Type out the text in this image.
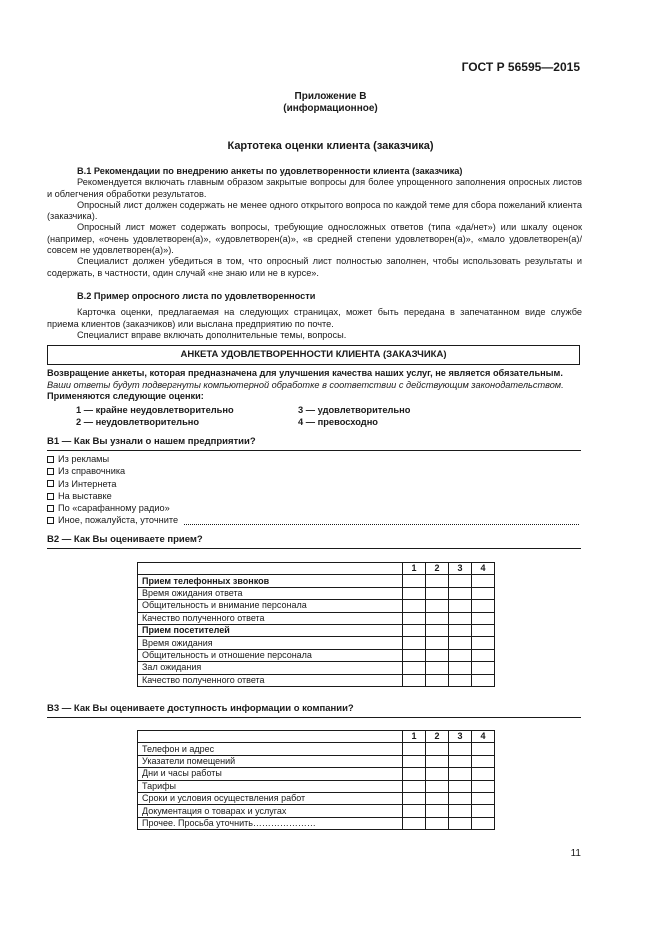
ГОСТ Р 56595—2015
Приложение В
(информационное)
Картотека оценки клиента (заказчика)
В.1 Рекомендации по внедрению анкеты по удовлетворенности клиента (заказчика)

Рекомендуется включать главным образом закрытые вопросы для более упрощенного заполнения опросных листов и облегчения обработки результатов.

Опросный лист должен содержать не менее одного открытого вопроса по каждой теме для сбора пожеланий клиента (заказчика).

Опросный лист может содержать вопросы, требующие односложных ответов (типа «да/нет») или шкалу оценок (например, «очень удовлетворен(а)», «удовлетворен(а)», «в средней степени удовлетворен(а)», «мало удовлетворен(а)/совсем не удовлетворен(а)»).

Специалист должен убедиться в том, что опросный лист полностью заполнен, чтобы использовать результаты и содержать, в частности, один случай «не знаю или не в курсе».

В.2 Пример опросного листа по удовлетворенности

Карточка оценки, предлагаемая на следующих страницах, может быть передана в запечатанном виде службе приема клиентов (заказчиков) или выслана предприятию по почте.

Специалист вправе включать дополнительные темы, вопросы.

АНКЕТА УДОВЛЕТВОРЕННОСТИ КЛИЕНТА (ЗАКАЗЧИКА)
Возвращение анкеты, которая предназначена для улучшения качества наших услуг, не является обязательным.
Ваши ответы будут подвергнуты компьютерной обработке в соответствии с действующим законодательством.
Применяются следующие оценки:
1 — крайне неудовлетворительно
2 — неудовлетворительно
3 — удовлетворительно
4 — превосходно
В1 — Как Вы узнали о нашем предприятии?
Из рекламы
Из справочника
Из Интернета
На выставке
По «сарафанному радио»
Иное, пожалуйста, уточните
В2 — Как Вы оцениваете прием?
	1	2	3	4
Прием телефонных звонков				
Время ожидания ответа				
Общительность и внимание персонала				
Качество полученного ответа				
Прием посетителей				
Время ожидания				
Общительность и отношение персонала				
Зал ожидания				
Качество полученного ответа				
В3 — Как Вы оцениваете доступность информации о компании?
	1	2	3	4
Телефон и адрес				
Указатели помещений				
Дни и часы работы				
Тарифы				
Сроки и условия осуществления работ				
Документация о товарах и услугах				
Прочее. Просьба уточнить…………………				
11
